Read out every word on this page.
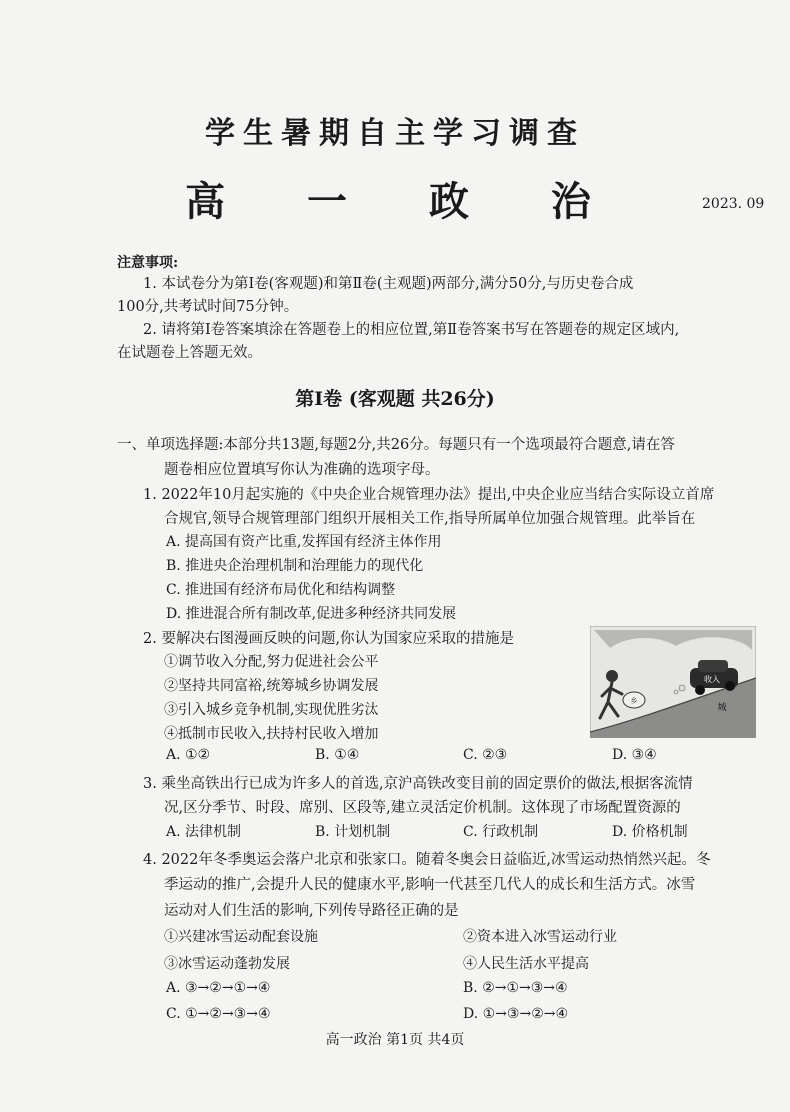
学生暑期自主学习调查
高 一 政 治	2023. 09
注意事项:
1. 本试卷分为第Ⅰ卷(客观题)和第Ⅱ卷(主观题)两部分,满分50分,与历史卷合成
100分,共考试时间75分钟。
2. 请将第Ⅰ卷答案填涂在答题卷上的相应位置,第Ⅱ卷答案书写在答题卷的规定区域内,
在试题卷上答题无效。
第Ⅰ卷 (客观题 共26分)
一、单项选择题:本部分共13题,每题2分,共26分。每题只有一个选项最符合题意,请在答
题卷相应位置填写你认为准确的选项字母。
1. 2022年10月起实施的《中央企业合规管理办法》提出,中央企业应当结合实际设立首席
合规官,领导合规管理部门组织开展相关工作,指导所属单位加强合规管理。此举旨在
A. 提高国有资产比重,发挥国有经济主体作用
B. 推进央企治理机制和治理能力的现代化
C. 推进国有经济布局优化和结构调整
D. 推进混合所有制改革,促进多种经济共同发展
2. 要解决右图漫画反映的问题,你认为国家应采取的措施是
①调节收入分配,努力促进社会公平
②坚持共同富裕,统筹城乡协调发展
③引入城乡竞争机制,实现优胜劣汰
④抵制市民收入,扶持村民收入增加
A. ①②	B. ①④	C. ②③	D. ③④
收入
乡
城
3. 乘坐高铁出行已成为许多人的首选,京沪高铁改变目前的固定票价的做法,根据客流情
况,区分季节、时段、席别、区段等,建立灵活定价机制。这体现了市场配置资源的
A. 法律机制	B. 计划机制	C. 行政机制	D. 价格机制
4. 2022年冬季奥运会落户北京和张家口。随着冬奥会日益临近,冰雪运动热悄然兴起。冬
季运动的推广,会提升人民的健康水平,影响一代甚至几代人的成长和生活方式。冰雪
运动对人们生活的影响,下列传导路径正确的是
①兴建冰雪运动配套设施	②资本进入冰雪运动行业
③冰雪运动蓬勃发展	④人民生活水平提高
A. ③→②→①→④	B. ②→①→③→④
C. ①→②→③→④	D. ①→③→②→④
高一政治 第1页 共4页
